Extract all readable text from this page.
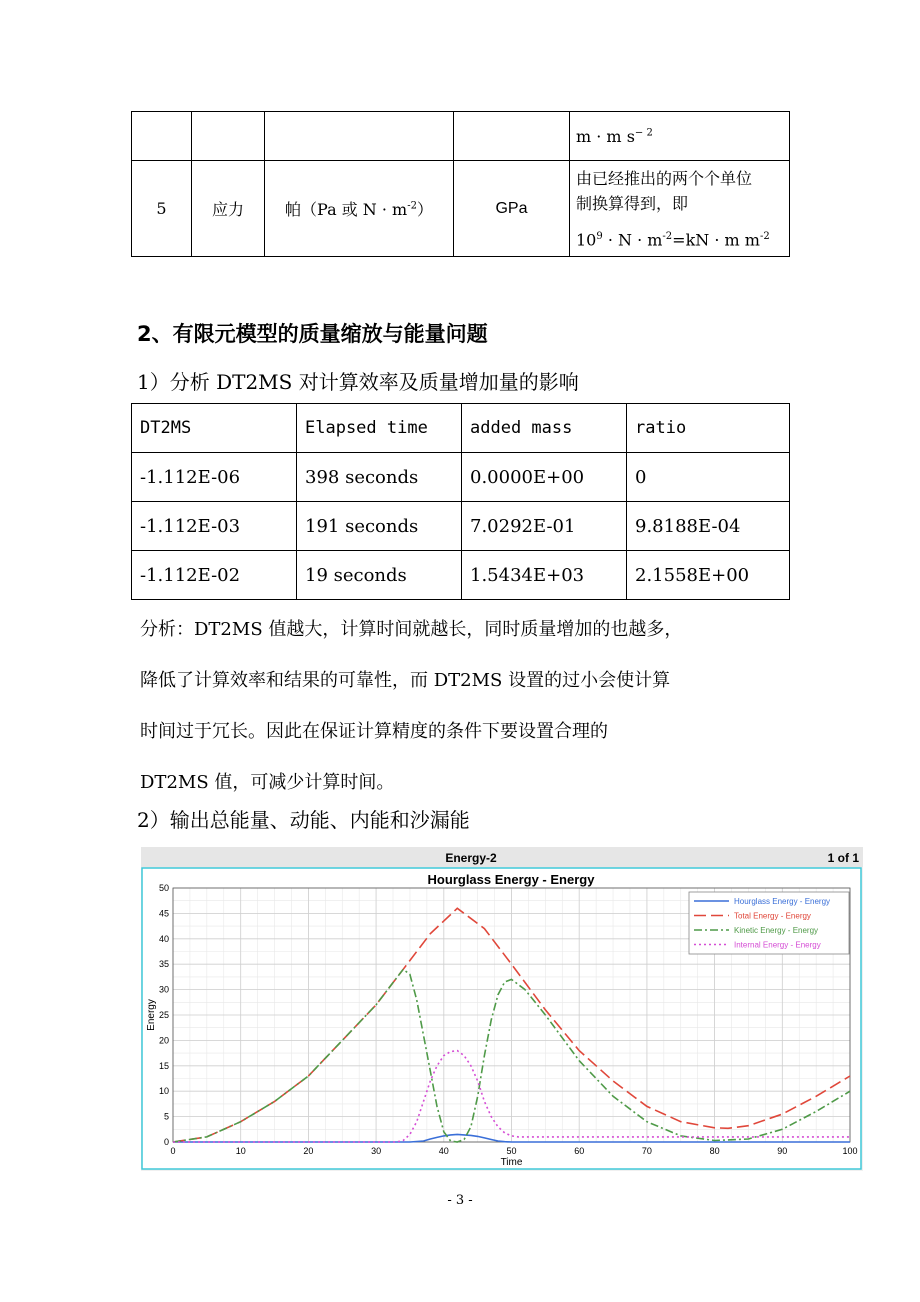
				m · m $s^{- 2}$
5	应力	帕（Pa 或 $N \cdot m^{-2}$）	GPa	由已经推出的两个个单位
制换算得到，即
$10^9 \cdot N \cdot m^{-2}=kN \cdot m$ $m^{-2}$
2、有限元模型的质量缩放与能量问题
1）分析 DT2MS 对计算效率及质量增加量的影响
DT2MS	Elapsed time	added mass	ratio
-1.112E-06	398 seconds	0.0000E+00	0
-1.112E-03	191 seconds	7.0292E-01	9.8188E-04
-1.112E-02	19 seconds	1.5434E+03	2.1558E+00

分析：DT2MS 值越大，计算时间就越长，同时质量增加的也越多，

降低了计算效率和结果的可靠性，而 DT2MS 设置的过小会使计算

时间过于冗长。因此在保证计算精度的条件下要设置合理的

DT2MS 值，可减少计算时间。

2）输出总能量、动能、内能和沙漏能
Energy-2	1 of 1
Hourglass Energy - Energy
0	10	20	30	40	50	60	70	80	90	100
0
5
10
15
20
25
30
35
40
45
50
Time
Energy
Hourglass Energy - Energy
Total Energy - Energy
Kinetic Energy - Energy
Internal Energy - Energy
- 3 -
